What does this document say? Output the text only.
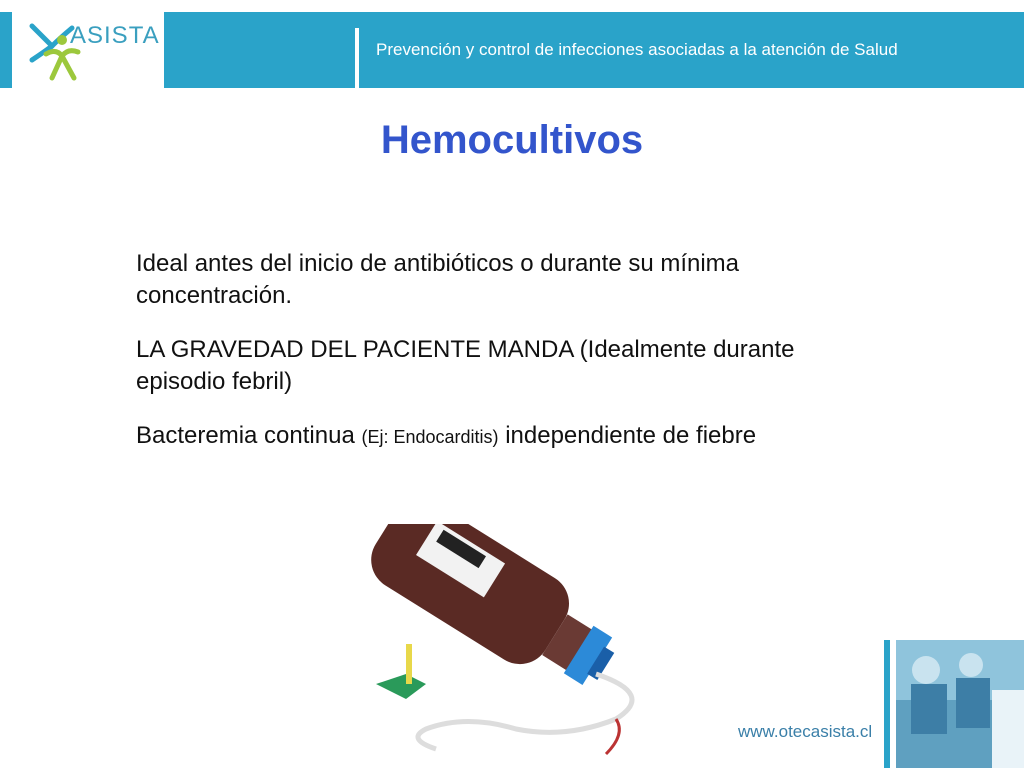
ASISTA
Prevención y control de infecciones asociadas a la atención de Salud
Hemocultivos

Ideal antes del inicio de antibióticos o durante su mínima concentración.

LA GRAVEDAD DEL PACIENTE MANDA (Idealmente durante episodio febril)

Bacteremia continua (Ej: Endocarditis) independiente de fiebre

www.otecasista.cl
